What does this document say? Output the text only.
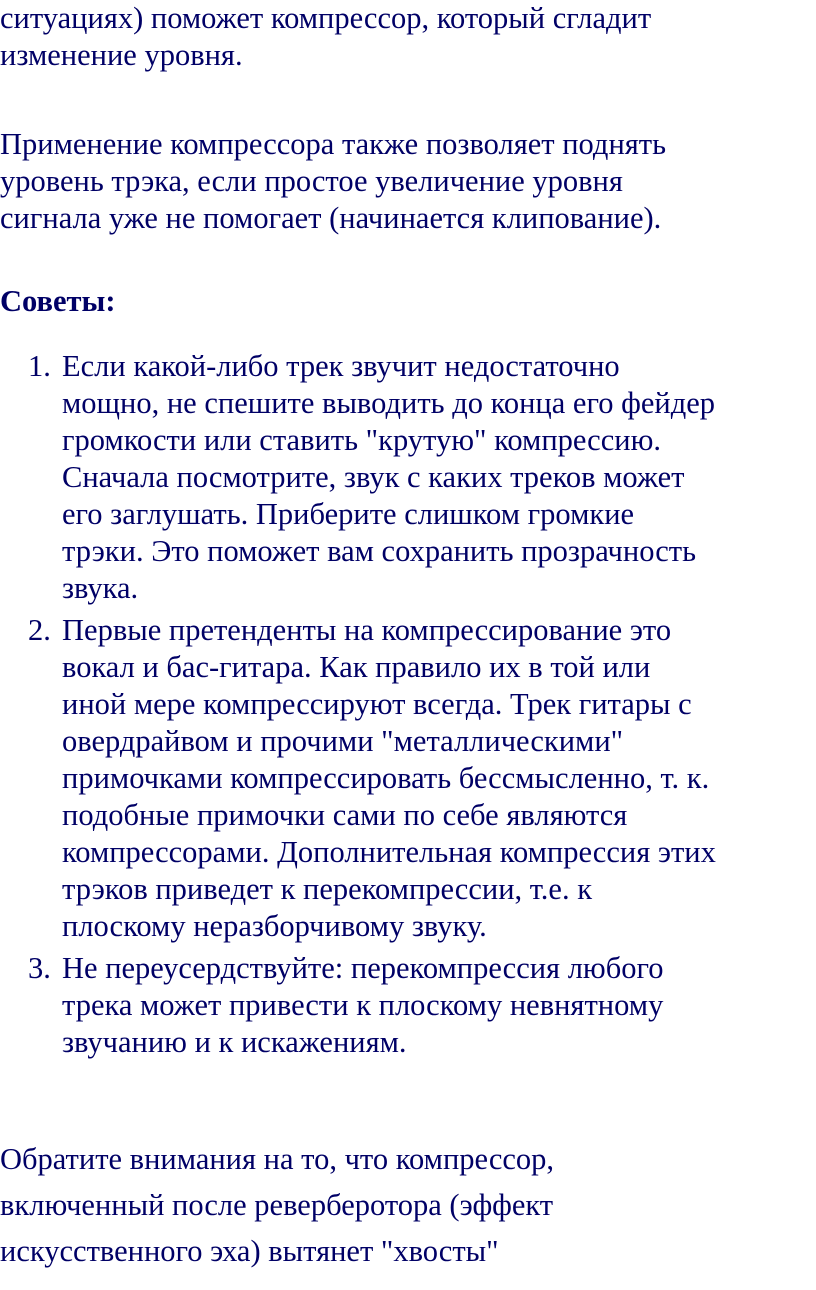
ситуациях) поможет компрессор, который сгладит
изменение уровня.

Применение компрессора также позволяет поднять
уровень трэка, если простое увеличение уровня
сигнала уже не помогает (начинается клипование).

Советы:
1. Если какой-либо трек звучит недостаточно
мощно, не спешите выводить до конца его фейдер
громкости или ставить "крутую" компрессию.
Сначала посмотрите, звук с каких треков может
его заглушать. Приберите слишком громкие
трэки. Это поможет вам сохранить прозрачность
звука.
2. Первые претенденты на компрессирование это
вокал и бас-гитара. Как правило их в той или
иной мере компрессируют всегда. Трек гитары с
овердрайвом и прочими "металлическими"
примочками компрессировать бессмысленно, т. к.
подобные примочки сами по себе являются
компрессорами. Дополнительная компрессия этих
трэков приведет к перекомпрессии, т.е. к
плоскому неразборчивому звуку.
3. Не переусердствуйте: перекомпрессия любого
трека может привести к плоскому невнятному
звучанию и к искажениям.

Обратите внимания на то, что компрессор,
включенный после реверберотора (эффект
искусственного эха) вытянет "хвосты"
